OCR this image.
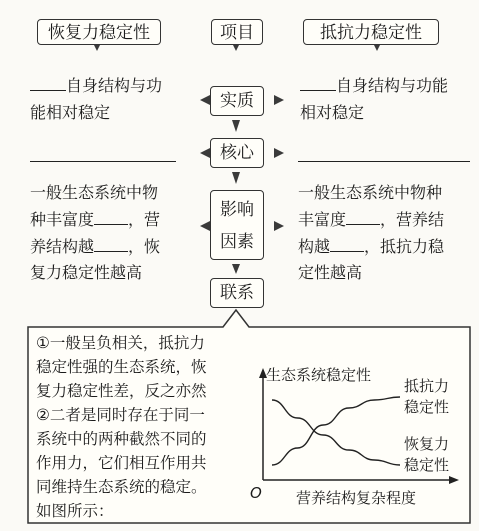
恢复力稳定性	项目	抵抗力稳定性
实质
核心
影响
因素
联系
自身结构与功
能相对稳定
自身结构与功能
相对稳定
一般生态系统中物
种丰富度 ，营
养结构越 ，恢
复力稳定性越高
一般生态系统中物种
丰富度 ，营养结
构越 ，抵抗力稳
定性越高
①一般呈负相关，抵抗力
稳定性强的生态系统，恢
复力稳定性差，反之亦然
②二者是同时存在于同一
系统中的两种截然不同的
作用力，它们相互作用共
同维持生态系统的稳定。
如图所示：
生态系统稳定性
O 营养结构复杂程度
抵抗力稳定性
恢复力稳定性
